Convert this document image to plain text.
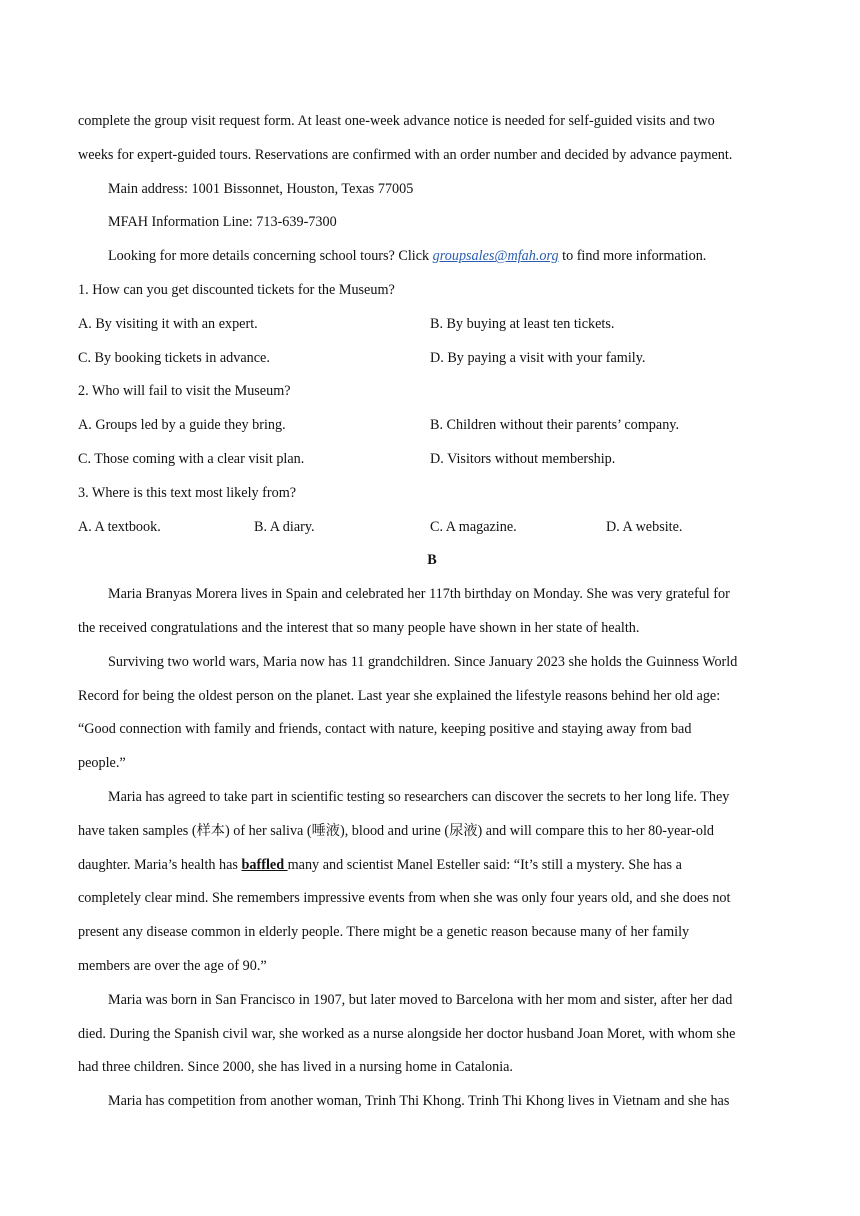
complete the group visit request form. At least one-week advance notice is needed for self-guided visits and two
weeks for expert-guided tours. Reservations are confirmed with an order number and decided by advance payment.
Main address: 1001 Bissonnet, Houston, Texas 77005
MFAH Information Line: 713-639-7300
Looking for more details concerning school tours? Click groupsales@mfah.org to find more information.
1. How can you get discounted tickets for the Museum?
A. By visiting it with an expert.	B. By buying at least ten tickets.
C. By booking tickets in advance.	D. By paying a visit with your family.
2. Who will fail to visit the Museum?
A. Groups led by a guide they bring.	B. Children without their parents’ company.
C. Those coming with a clear visit plan.	D. Visitors without membership.
3. Where is this text most likely from?
A. A textbook.	B. A diary.	C. A magazine.	D. A website.
B
Maria Branyas Morera lives in Spain and celebrated her 117th birthday on Monday. She was very grateful for
the received congratulations and the interest that so many people have shown in her state of health.
Surviving two world wars, Maria now has 11 grandchildren. Since January 2023 she holds the Guinness World
Record for being the oldest person on the planet. Last year she explained the lifestyle reasons behind her old age:
“Good connection with family and friends, contact with nature, keeping positive and staying away from bad
people.”
Maria has agreed to take part in scientific testing so researchers can discover the secrets to her long life. They
have taken samples (样本) of her saliva (唾液), blood and urine (尿液) and will compare this to her 80-year-old
daughter. Maria’s health has baffled many and scientist Manel Esteller said: “It’s still a mystery. She has a
completely clear mind. She remembers impressive events from when she was only four years old, and she does not
present any disease common in elderly people. There might be a genetic reason because many of her family
members are over the age of 90.”
Maria was born in San Francisco in 1907, but later moved to Barcelona with her mom and sister, after her dad
died. During the Spanish civil war, she worked as a nurse alongside her doctor husband Joan Moret, with whom she
had three children. Since 2000, she has lived in a nursing home in Catalonia.
Maria has competition from another woman, Trinh Thi Khong. Trinh Thi Khong lives in Vietnam and she has
